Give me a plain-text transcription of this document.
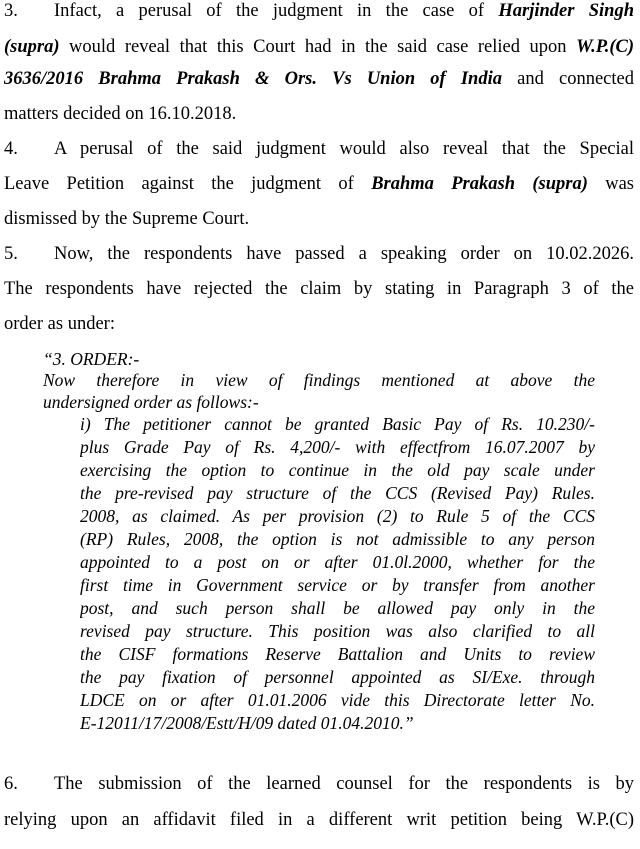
3. Infact, a perusal of the judgment in the case of Harjinder Singh
(supra) would reveal that this Court had in the said case relied upon W.P.(C)
3636/2016 Brahma Prakash & Ors. Vs Union of India and connected
matters decided on 16.10.2018.
4. A perusal of the said judgment would also reveal that the Special
Leave Petition against the judgment of Brahma Prakash (supra) was
dismissed by the Supreme Court.
5. Now, the respondents have passed a speaking order on 10.02.2026.
The respondents have rejected the claim by stating in Paragraph 3 of the
order as under:
“3. ORDER:-
Now therefore in view of findings mentioned at above the
undersigned order as follows:-
i) The petitioner cannot be granted Basic Pay of Rs. 10.230/-
plus Grade Pay of Rs. 4,200/- with effectfrom 16.07.2007 by
exercising the option to continue in the old pay scale under
the pre-revised pay structure of the CCS (Revised Pay) Rules.
2008, as claimed. As per provision (2) to Rule 5 of the CCS
(RP) Rules, 2008, the option is not admissible to any person
appointed to a post on or after 01.0l.2000, whether for the
first time in Government service or by transfer from another
post, and such person shall be allowed pay only in the
revised pay structure. This position was also clarified to all
the CISF formations Reserve Battalion and Units to review
the pay fixation of personnel appointed as SI/Exe. through
LDCE on or after 01.01.2006 vide this Directorate letter No.
E-12011/17/2008/Estt/H/09 dated 01.04.2010.”
6. The submission of the learned counsel for the respondents is by
relying upon an affidavit filed in a different writ petition being W.P.(C)
